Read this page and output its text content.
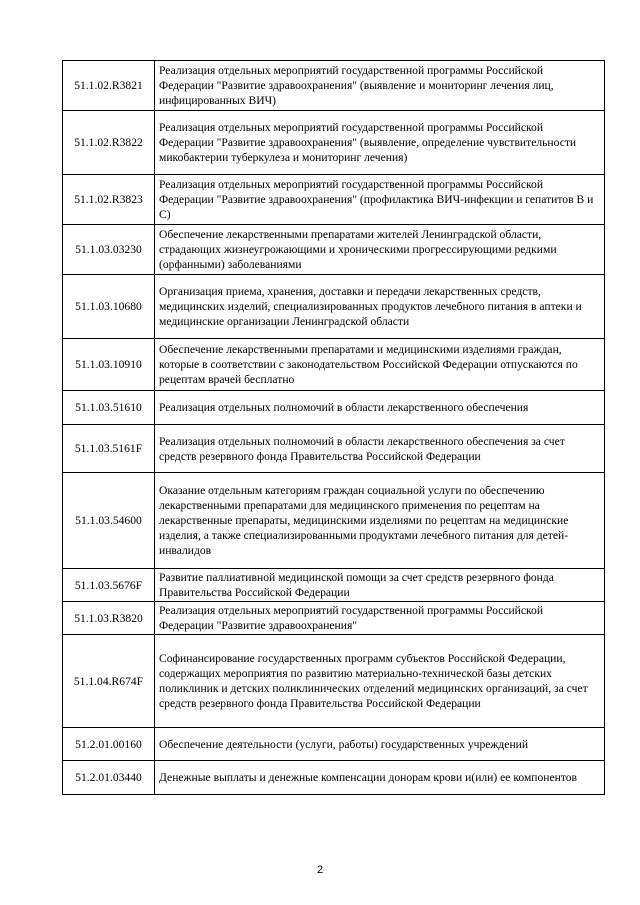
51.1.02.R3821	Реализация отдельных мероприятий государственной программы Российской Федерации "Развитие здравоохранения" (выявление и мониторинг лечения лиц, инфицированных ВИЧ)
51.1.02.R3822	Реализация отдельных мероприятий государственной программы Российской Федерации "Развитие здравоохранения" (выявление, определение чувствительности микобактерии туберкулеза и мониторинг лечения)
51.1.02.R3823	Реализация отдельных мероприятий государственной программы Российской Федерации "Развитие здравоохранения" (профилактика ВИЧ-инфекции и гепатитов В и С)
51.1.03.03230	Обеспечение лекарственными препаратами жителей Ленинградской области, страдающих жизнеугрожающими и хроническими прогрессирующими редкими (орфанными) заболеваниями
51.1.03.10680	Организация приема, хранения, доставки и передачи лекарственных средств, медицинских изделий, специализированных продуктов лечебного питания в аптеки и медицинские организации Ленинградской области
51.1.03.10910	Обеспечение лекарственными препаратами и медицинскими изделиями граждан, которые в соответствии с законодательством Российской Федерации отпускаются по рецептам врачей бесплатно
51.1.03.51610	Реализация отдельных полномочий в области лекарственного обеспечения
51.1.03.5161F	Реализация отдельных полномочий в области лекарственного обеспечения за счет средств резервного фонда Правительства Российской Федерации
51.1.03.54600	Оказание отдельным категориям граждан социальной услуги по обеспечению лекарственными препаратами для медицинского применения по рецептам на лекарственные препараты, медицинскими изделиями по рецептам на медицинские изделия, а также специализированными продуктами лечебного питания для детей-инвалидов
51.1.03.5676F	Развитие паллиативной медицинской помощи за счет средств резервного фонда Правительства Российской Федерации
51.1.03.R3820	Реализация отдельных мероприятий государственной программы Российской Федерации "Развитие здравоохранения"
51.1.04.R674F	Софинансирование государственных программ субъектов Российской Федерации, содержащих мероприятия по развитию материально-технической базы детских поликлиник и детских поликлинических отделений медицинских организаций, за счет средств резервного фонда Правительства Российской Федерации
51.2.01.00160	Обеспечение деятельности (услуги, работы) государственных учреждений
51.2.01.03440	Денежные выплаты и денежные компенсации донорам крови и(или) ее компонентов
2
